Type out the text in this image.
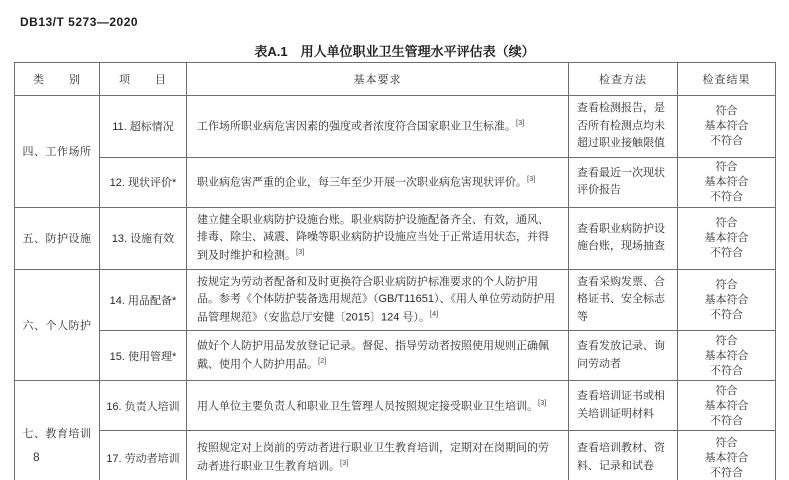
DB13/T 5273—2020
表A.1　用人单位职业卫生管理水平评估表（续）
类　　别	项　　目	基本要求	检查方法	检查结果
四、工作场所	11. 超标情况	工作场所职业病危害因素的强度或者浓度符合国家职业卫生标准。[3]	查看检测报告，是否所有检测点均未超过职业接触限值	符合
基本符合
不符合

	12. 现状评价*	职业病危害严重的企业，每三年至少开展一次职业病危害现状评价。[3]	查看最近一次现状评价报告	符合
基本符合
不符合

五、防护设施	13. 设施有效	建立健全职业病防护设施台账。职业病防护设施配备齐全、有效，通风、排毒、除尘、减震、降噪等职业病防护设施应当处于正常适用状态，并得到及时维护和检测。[3]	查看职业病防护设施台账，现场抽查	符合
基本符合
不符合

六、个人防护	14. 用品配备*	按规定为劳动者配备和及时更换符合职业病防护标准要求的个人防护用品。参考《个体防护装备选用规范》（GB/T11651）、《用人单位劳动防护用品管理规范》（安监总厅安健〔2015〕124 号）。[4]	查看采购发票、合格证书、安全标志等	符合
基本符合
不符合

	15. 使用管理*	做好个人防护用品发放登记记录。督促、指导劳动者按照使用规则正确佩戴、使用个人防护用品。[2]	查看发放记录、询问劳动者	符合
基本符合
不符合

七、教育培训	16. 负责人培训	用人单位主要负责人和职业卫生管理人员按照规定接受职业卫生培训。[3]	查看培训证书或相关培训证明材料	符合
基本符合
不符合

	17. 劳动者培训	按照规定对上岗前的劳动者进行职业卫生教育培训，定期对在岗期间的劳动者进行职业卫生教育培训。[3]	查看培训教材、资料、记录和试卷	符合
基本符合
不符合
8
